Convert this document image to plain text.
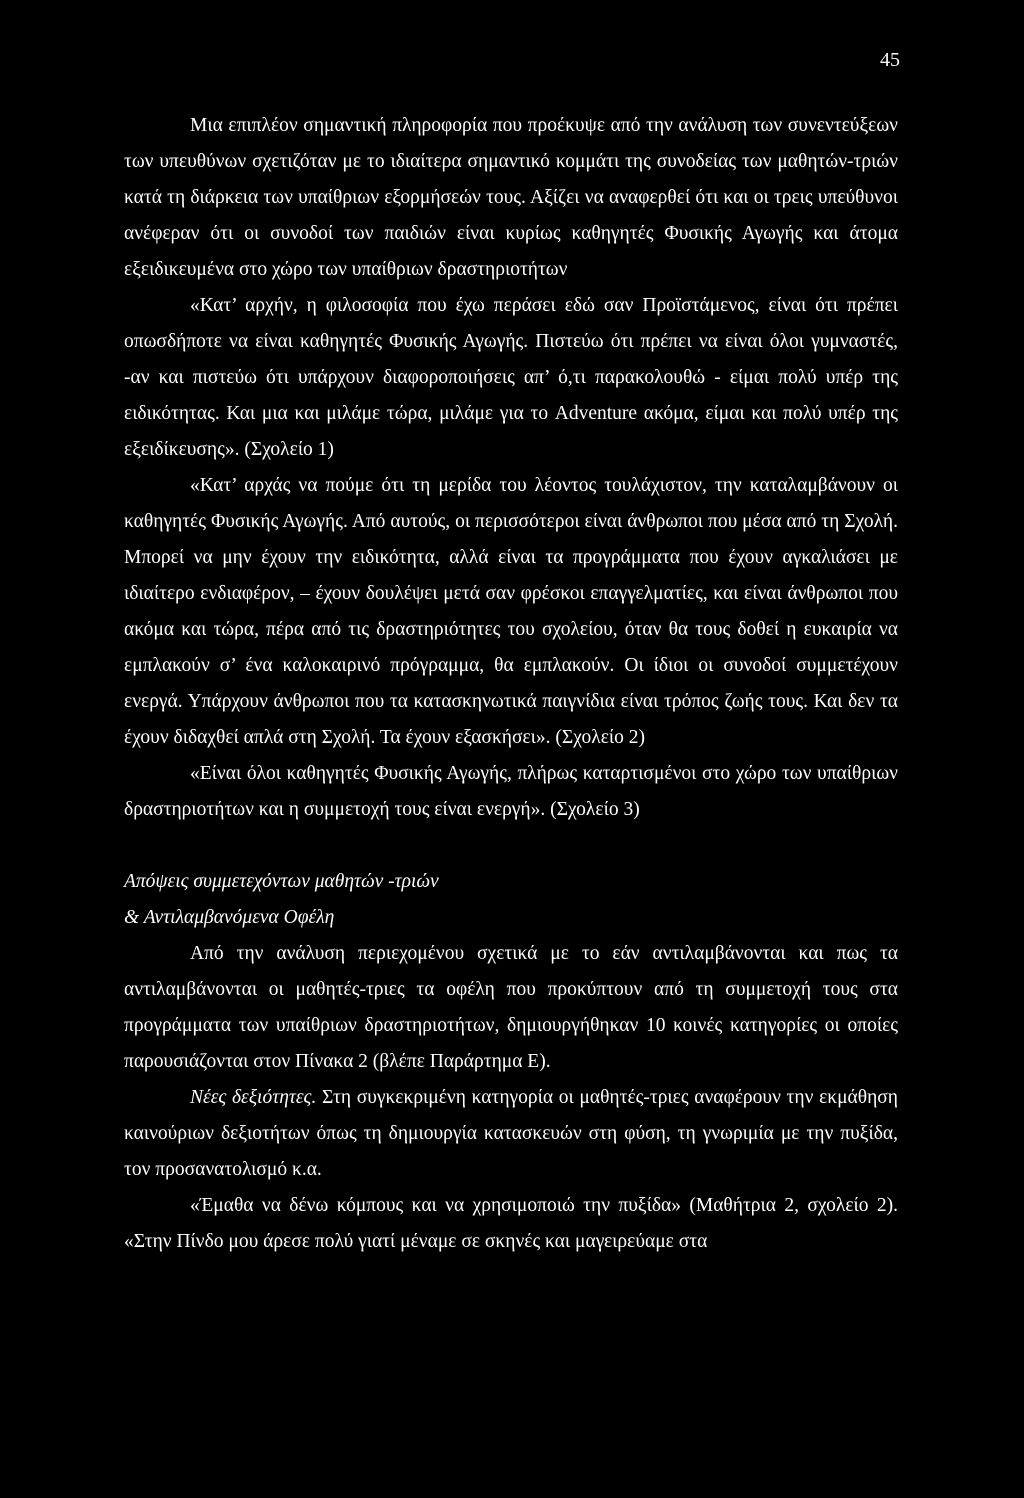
45

Μια επιπλέον σημαντική πληροφορία που προέκυψε από την ανάλυση των συνεντεύξεων των υπευθύνων σχετιζόταν με το ιδιαίτερα σημαντικό κομμάτι της συνοδείας των μαθητών-τριών κατά τη διάρκεια των υπαίθριων εξορμήσεών τους. Αξίζει να αναφερθεί ότι και οι τρεις υπεύθυνοι ανέφεραν ότι οι συνοδοί των παιδιών είναι κυρίως καθηγητές Φυσικής Αγωγής και άτομα εξειδικευμένα στο χώρο των υπαίθριων δραστηριοτήτων

«Κατ’ αρχήν, η φιλοσοφία που έχω περάσει εδώ σαν Προϊστάμενος, είναι ότι πρέπει οπωσδήποτε να είναι καθηγητές Φυσικής Αγωγής. Πιστεύω ότι πρέπει να είναι όλοι γυμναστές, -αν και πιστεύω ότι υπάρχουν διαφοροποιήσεις απ’ ό,τι παρακολουθώ - είμαι πολύ υπέρ της ειδικότητας. Και μια και μιλάμε τώρα, μιλάμε για το Adventure ακόμα, είμαι και πολύ υπέρ της εξειδίκευσης». (Σχολείο 1)

«Κατ’ αρχάς να πούμε ότι τη μερίδα του λέοντος τουλάχιστον, την καταλαμβάνουν οι καθηγητές Φυσικής Αγωγής. Από αυτούς, οι περισσότεροι είναι άνθρωποι που μέσα από τη Σχολή. Μπορεί να μην έχουν την ειδικότητα, αλλά είναι τα προγράμματα που έχουν αγκαλιάσει με ιδιαίτερο ενδιαφέρον, – έχουν δουλέψει μετά σαν φρέσκοι επαγγελματίες, και είναι άνθρωποι που ακόμα και τώρα, πέρα από τις δραστηριότητες του σχολείου, όταν θα τους δοθεί η ευκαιρία να εμπλακούν σ’ ένα καλοκαιρινό πρόγραμμα, θα εμπλακούν. Οι ίδιοι οι συνοδοί συμμετέχουν ενεργά. Υπάρχουν άνθρωποι που τα κατασκηνωτικά παιγνίδια είναι τρόπος ζωής τους. Και δεν τα έχουν διδαχθεί απλά στη Σχολή. Τα έχουν εξασκήσει». (Σχολείο 2)

«Είναι όλοι καθηγητές Φυσικής Αγωγής, πλήρως καταρτισμένοι στο χώρο των υπαίθριων δραστηριοτήτων και η συμμετοχή τους είναι ενεργή». (Σχολείο 3)

Απόψεις συμμετεχόντων μαθητών -τριών

& Αντιλαμβανόμενα Οφέλη

Από την ανάλυση περιεχομένου σχετικά με το εάν αντιλαμβάνονται και πως τα αντιλαμβάνονται οι μαθητές-τριες τα οφέλη που προκύπτουν από τη συμμετοχή τους στα προγράμματα των υπαίθριων δραστηριοτήτων, δημιουργήθηκαν 10 κοινές κατηγορίες οι οποίες παρουσιάζονται στον Πίνακα 2 (βλέπε Παράρτημα Ε).

Νέες δεξιότητες. Στη συγκεκριμένη κατηγορία οι μαθητές-τριες αναφέρουν την εκμάθηση καινούριων δεξιοτήτων όπως τη δημιουργία κατασκευών στη φύση, τη γνωριμία με την πυξίδα, τον προσανατολισμό κ.α.

«Έμαθα να δένω κόμπους και να χρησιμοποιώ την πυξίδα» (Μαθήτρια 2, σχολείο 2). «Στην Πίνδο μου άρεσε πολύ γιατί μέναμε σε σκηνές και μαγειρεύαμε στα
